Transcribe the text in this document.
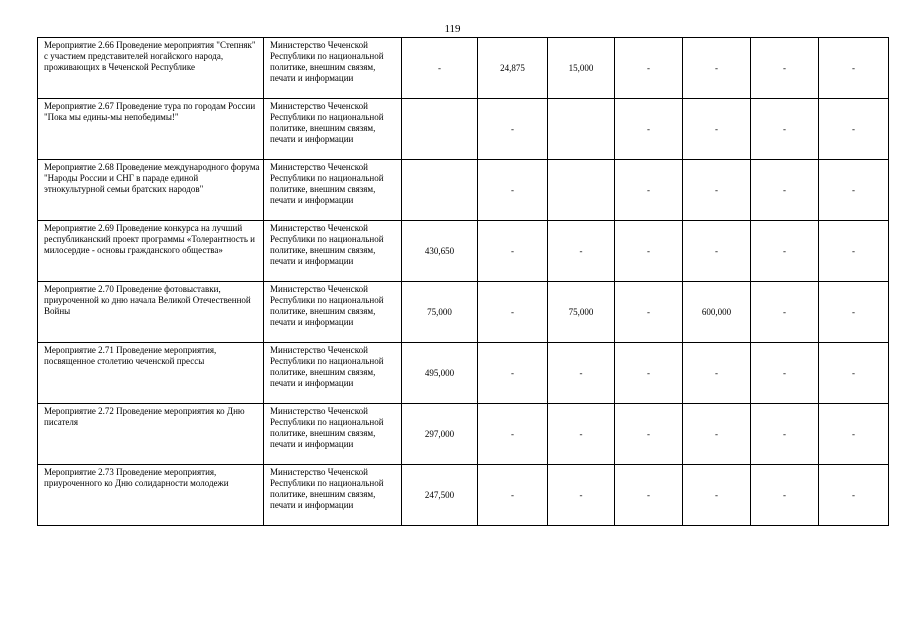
119
Мероприятие 2.66 Проведение мероприятия "Степняк" с участием представителей ногайского народа, проживающих в Чеченской Республике	Министерство Чеченской Республики по национальной политике, внешним связям, печати и информации	-	24,875	15,000	-	-	-	-
Мероприятие 2.67 Проведение тура по городам России "Пока мы едины-мы непобедимы!"	Министерство Чеченской Республики по национальной политике, внешним связям, печати и информации		-		-	-	-	-
Мероприятие 2.68 Проведение международного форума "Народы России и СНГ в параде единой этнокультурной семьи братских народов"	Министерство Чеченской Республики по национальной политике, внешним связям, печати и информации		-		-	-	-	-
Мероприятие 2.69 Проведение конкурса на лучший республиканский проект программы «Толерантность и милосердие - основы гражданского общества»	Министерство Чеченской Республики по национальной политике, внешним связям, печати и информации	430,650	-	-	-	-	-	-
Мероприятие 2.70 Проведение фотовыставки, приуроченной ко дню начала Великой Отечественной Войны	Министерство Чеченской Республики по национальной политике, внешним связям, печати и информации	75,000	-	75,000	-	600,000	-	-
Мероприятие 2.71 Проведение мероприятия, посвященное столетию чеченской прессы	Министерство Чеченской Республики по национальной политике, внешним связям, печати и информации	495,000	-	-	-	-	-	-
Мероприятие 2.72 Проведение мероприятия ко Дню писателя	Министерство Чеченской Республики по национальной политике, внешним связям, печати и информации	297,000	-	-	-	-	-	-
Мероприятие 2.73 Проведение мероприятия, приуроченного ко Дню солидарности молодежи	Министерство Чеченской Республики по национальной политике, внешним связям, печати и информации	247,500	-	-	-	-	-	-
